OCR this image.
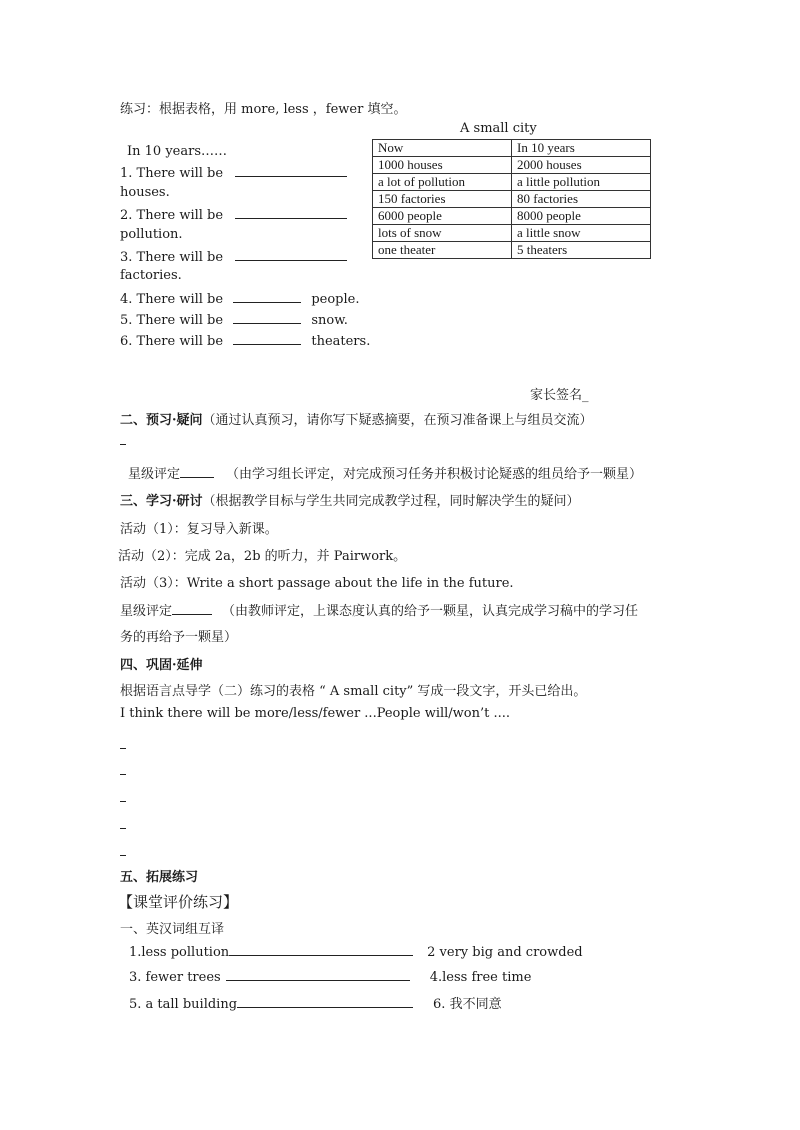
练习：根据表格，用 more, less ，fewer 填空。
A small city
Now	In 10 years
1000 houses	2000 houses
a lot of pollution	a little pollution
150 factories	80 factories
6000 people	8000 people
lots of snow	a little snow
one theater	5 theaters
In 10 years……
1. There will be
houses.
2. There will be
pollution.
3. There will be
factories.
4. There will be	people.
5. There will be	snow.
6. There will be	theaters.
家长签名_
二、预习·疑问（通过认真预习，请你写下疑惑摘要，在预习准备课上与组员交流）
星级评定	（由学习组长评定，对完成预习任务并积极讨论疑惑的组员给予一颗星）
三、学习·研讨（根据教学目标与学生共同完成教学过程，同时解决学生的疑问）
活动（1）：复习导入新课。
活动（2）：完成 2a，2b 的听力，并 Pairwork。
活动（3）：Write a short passage about the life in the future.
星级评定	（由教师评定，上课态度认真的给予一颗星，认真完成学习稿中的学习任
务的再给予一颗星）
四、巩固·延伸
根据语言点导学（二）练习的表格 “ A small city” 写成一段文字，开头已给出。
I think there will be more/less/fewer ...People will/won’t ....
五、拓展练习
【课堂评价练习】
一、英汉词组互译
1.less pollution	2 very big and crowded
3. fewer trees	4.less free time
5. a tall building	6. 我不同意
